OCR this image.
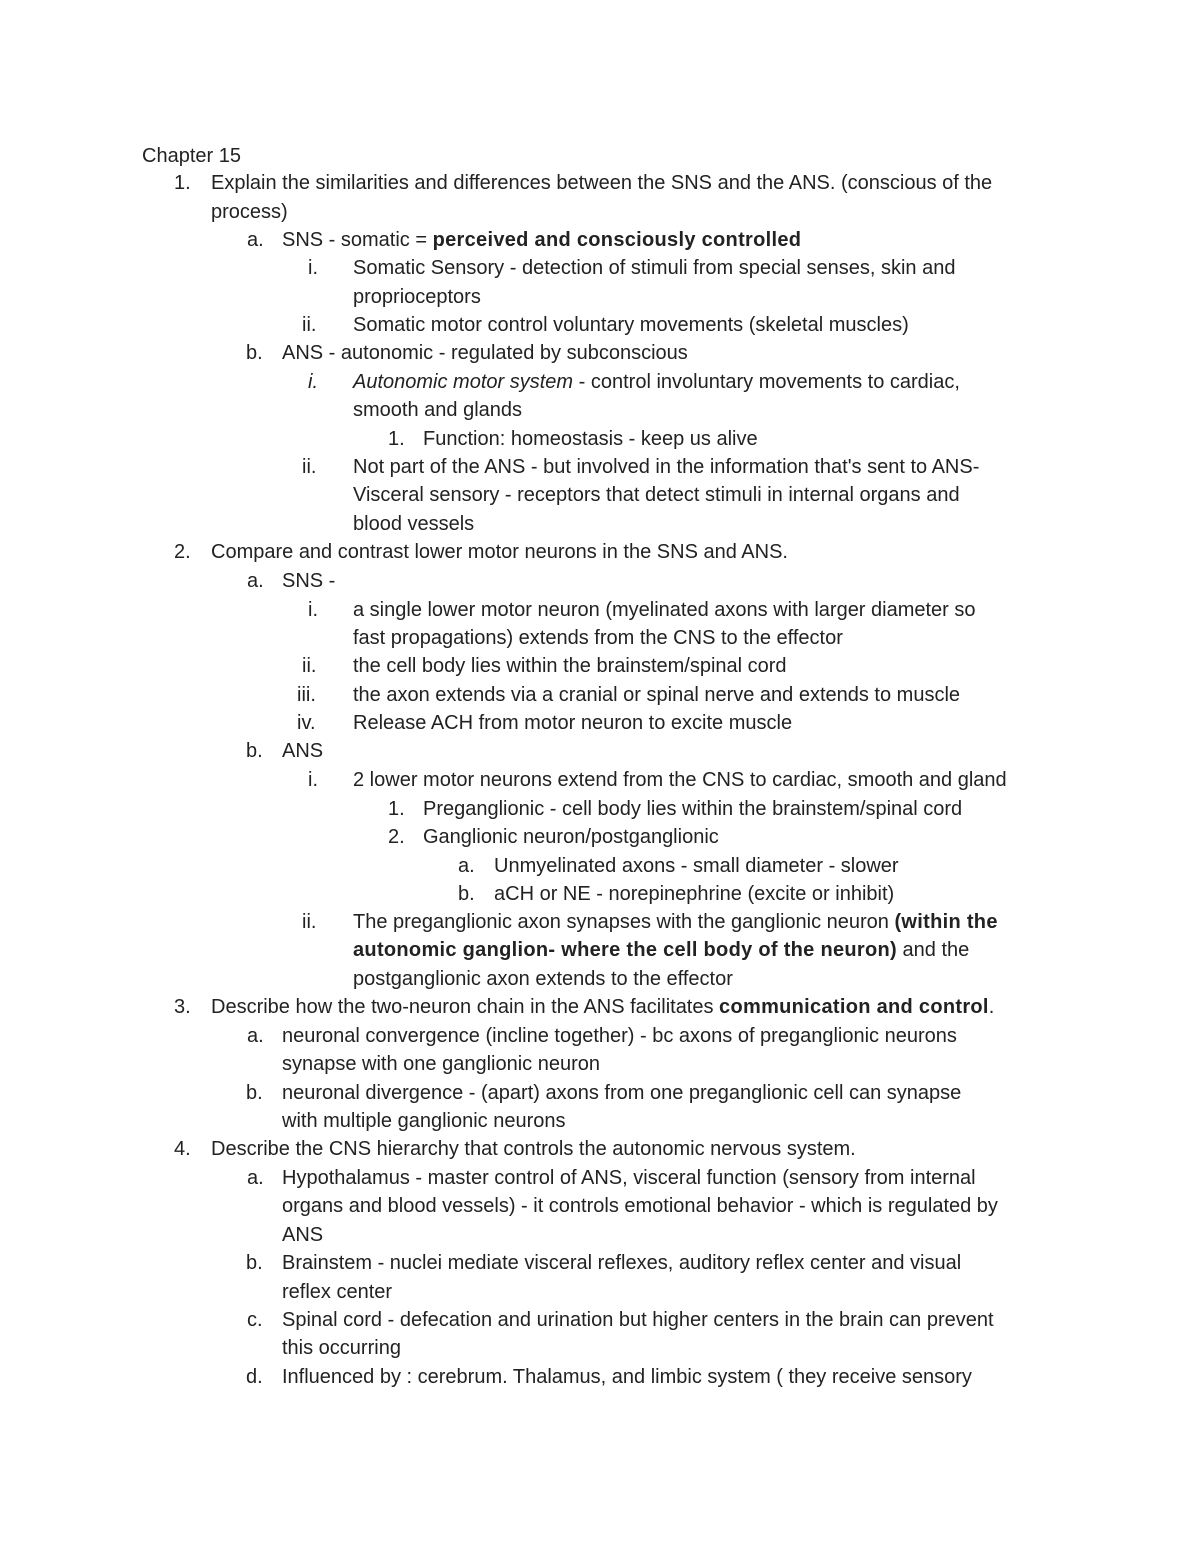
Chapter 15
1. Explain the similarities and differences between the SNS and the ANS. (conscious of the
process)
a. SNS - somatic = perceived and consciously controlled
i. Somatic Sensory - detection of stimuli from special senses, skin and
proprioceptors
ii. Somatic motor control voluntary movements (skeletal muscles)
b. ANS - autonomic - regulated by subconscious
i. Autonomic motor system - control involuntary movements to cardiac,
smooth and glands
1. Function: homeostasis - keep us alive
ii. Not part of the ANS - but involved in the information that's sent to ANS-
Visceral sensory - receptors that detect stimuli in internal organs and
blood vessels
2. Compare and contrast lower motor neurons in the SNS and ANS.
a. SNS -
i. a single lower motor neuron (myelinated axons with larger diameter so
fast propagations) extends from the CNS to the effector
ii. the cell body lies within the brainstem/spinal cord
iii. the axon extends via a cranial or spinal nerve and extends to muscle
iv. Release ACH from motor neuron to excite muscle
b. ANS
i. 2 lower motor neurons extend from the CNS to cardiac, smooth and gland
1. Preganglionic - cell body lies within the brainstem/spinal cord
2. Ganglionic neuron/postganglionic
a. Unmyelinated axons - small diameter - slower
b. aCH or NE - norepinephrine (excite or inhibit)
ii. The preganglionic axon synapses with the ganglionic neuron (within the
autonomic ganglion- where the cell body of the neuron) and the
postganglionic axon extends to the effector
3. Describe how the two-neuron chain in the ANS facilitates communication and control.
a. neuronal convergence (incline together) - bc axons of preganglionic neurons
synapse with one ganglionic neuron
b. neuronal divergence - (apart) axons from one preganglionic cell can synapse
with multiple ganglionic neurons
4. Describe the CNS hierarchy that controls the autonomic nervous system.
a. Hypothalamus - master control of ANS, visceral function (sensory from internal
organs and blood vessels) - it controls emotional behavior - which is regulated by
ANS
b. Brainstem - nuclei mediate visceral reflexes, auditory reflex center and visual
reflex center
c. Spinal cord - defecation and urination but higher centers in the brain can prevent
this occurring
d. Influenced by : cerebrum. Thalamus, and limbic system ( they receive sensory
